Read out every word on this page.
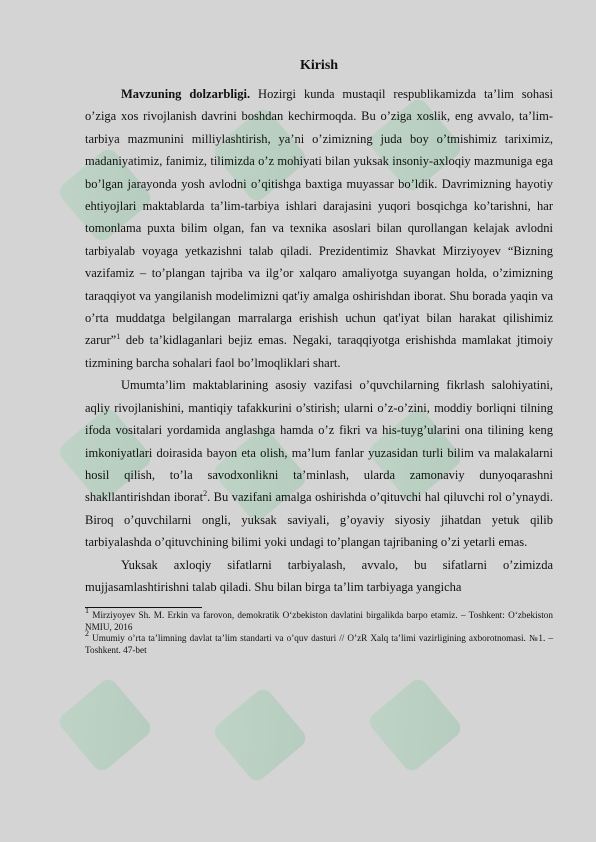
Kirish

Mavzuning dolzarbligi. Hozirgi kunda mustaqil respublikamizda ta’lim sohasi o’ziga xos rivojlanish davrini boshdan kechirmoqda. Bu o’ziga xoslik, eng avvalo, ta’lim-tarbiya mazmunini milliylashtirish, ya’ni o’zimizning juda boy o’tmishimiz tariximiz, madaniyatimiz, fanimiz, tilimizda o’z mohiyati bilan yuksak insoniy-axloqiy mazmuniga ega bo’lgan jarayonda yosh avlodni o’qitishga baxtiga muyassar bo’ldik. Davrimizning hayotiy ehtiyojlari maktablarda ta’lim-tarbiya ishlari darajasini yuqori bosqichga ko’tarishni, har tomonlama puxta bilim olgan, fan va texnika asoslari bilan qurollangan kelajak avlodni tarbiyalab voyaga yetkazishni talab qiladi. Prezidentimiz Shavkat Mirziyoyev “Bizning vazifamiz – to’plangan tajriba va ilg’or xalqaro amaliyotga suyangan holda, o’zimizning taraqqiyot va yangilanish modelimizni qat'iy amalga oshirishdan iborat. Shu borada yaqin va o’rta muddatga belgilangan marralarga erishish uchun qat'iyat bilan harakat qilishimiz zarur”$^1$ deb ta’kidlaganlari bejiz emas. Negaki, taraqqiyotga erishishda mamlakat jtimoiy tizmining barcha sohalari faol bo’lmoqliklari shart.

Umumta’lim maktablarining asosiy vazifasi o’quvchilarning fikrlash salohiyatini, aqliy rivojlanishini, mantiqiy tafakkurini o’stirish; ularni o’z-o’zini, moddiy borliqni tilning ifoda vositalari yordamida anglashga hamda o’z fikri va his-tuyg’ularini ona tilining keng imkoniyatlari doirasida bayon eta olish, ma’lum fanlar yuzasidan turli bilim va malakalarni hosil qilish, to’la savodxonlikni ta’minlash, ularda zamonaviy dunyoqarashni shakllantirishdan iborat$^2$. Bu vazifani amalga oshirishda o’qituvchi hal qiluvchi rol o’ynaydi. Biroq o’quvchilarni ongli, yuksak saviyali, g’oyaviy siyosiy jihatdan yetuk qilib tarbiyalashda o’qituvchining bilimi yoki undagi to’plangan tajribaning o’zi yetarli emas.

Yuksak axloqiy sifatlarni tarbiyalash, avvalo, bu sifatlarni o’zimizda mujjasamlashtirishni talab qiladi. Shu bilan birga ta’lim tarbiyaga yangicha

$^1$ Mirziyoyev Sh. M. Erkin va farovon, demokratik O‘zbekiston davlatini birgalikda barpo etamiz. – Toshkent: O‘zbekiston NMIU, 2016
$^2$ Umumiy o’rta ta’limning davlat ta’lim standarti va o’quv dasturi // O’zR Xalq ta’limi vazirligining axborotnomasi. №1. – Toshkent. 47-bet
